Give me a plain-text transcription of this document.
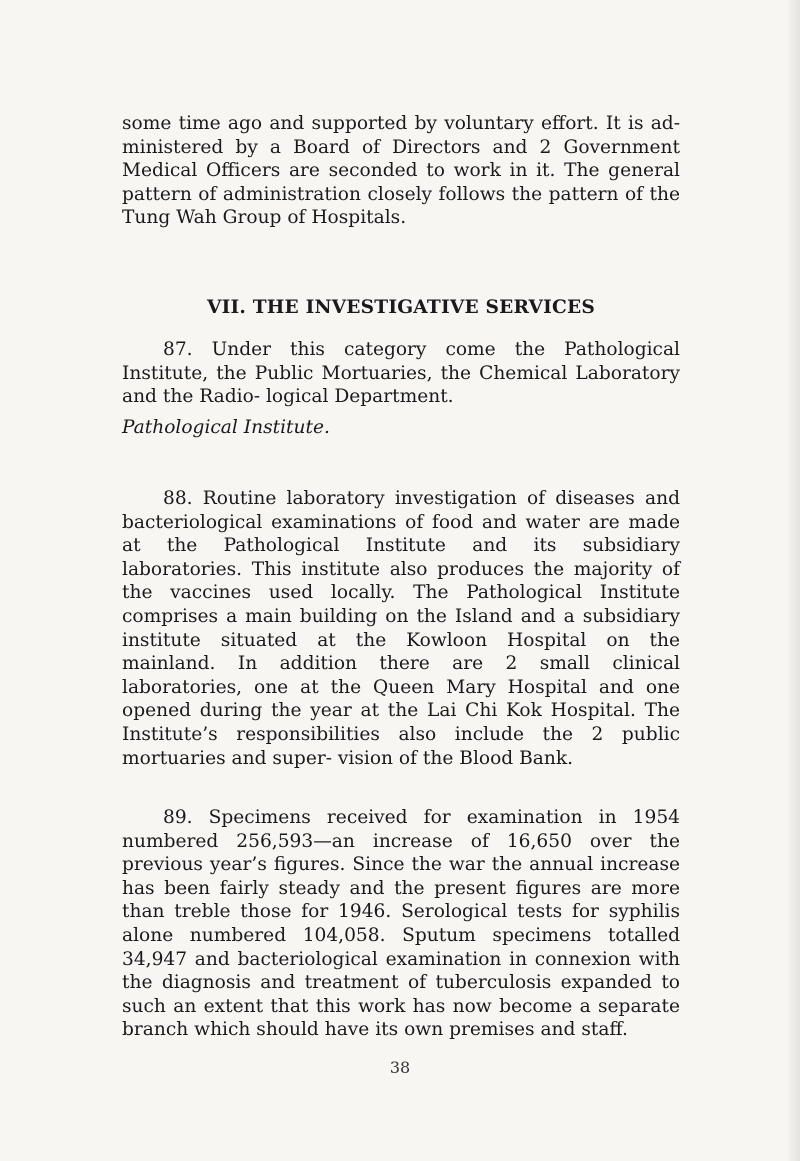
some time ago and supported by voluntary effort. It is ad- ministered by a Board of Directors and 2 Government Medical Officers are seconded to work in it. The general pattern of administration closely follows the pattern of the Tung Wah Group of Hospitals.

VII. THE INVESTIGATIVE SERVICES

87. Under this category come the Pathological Institute, the Public Mortuaries, the Chemical Laboratory and the Radio- logical Department.

Pathological Institute.

88. Routine laboratory investigation of diseases and bacteriological examinations of food and water are made at the Pathological Institute and its subsidiary laboratories. This institute also produces the majority of the vaccines used locally. The Pathological Institute comprises a main building on the Island and a subsidiary institute situated at the Kowloon Hospital on the mainland. In addition there are 2 small clinical laboratories, one at the Queen Mary Hospital and one opened during the year at the Lai Chi Kok Hospital. The Institute’s responsibilities also include the 2 public mortuaries and super- vision of the Blood Bank.

89. Specimens received for examination in 1954 numbered 256,593—an increase of 16,650 over the previous year’s figures. Since the war the annual increase has been fairly steady and the present figures are more than treble those for 1946. Serological tests for syphilis alone numbered 104,058. Sputum specimens totalled 34,947 and bacteriological examination in connexion with the diagnosis and treatment of tuberculosis expanded to such an extent that this work has now become a separate branch which should have its own premises and staff.

38
